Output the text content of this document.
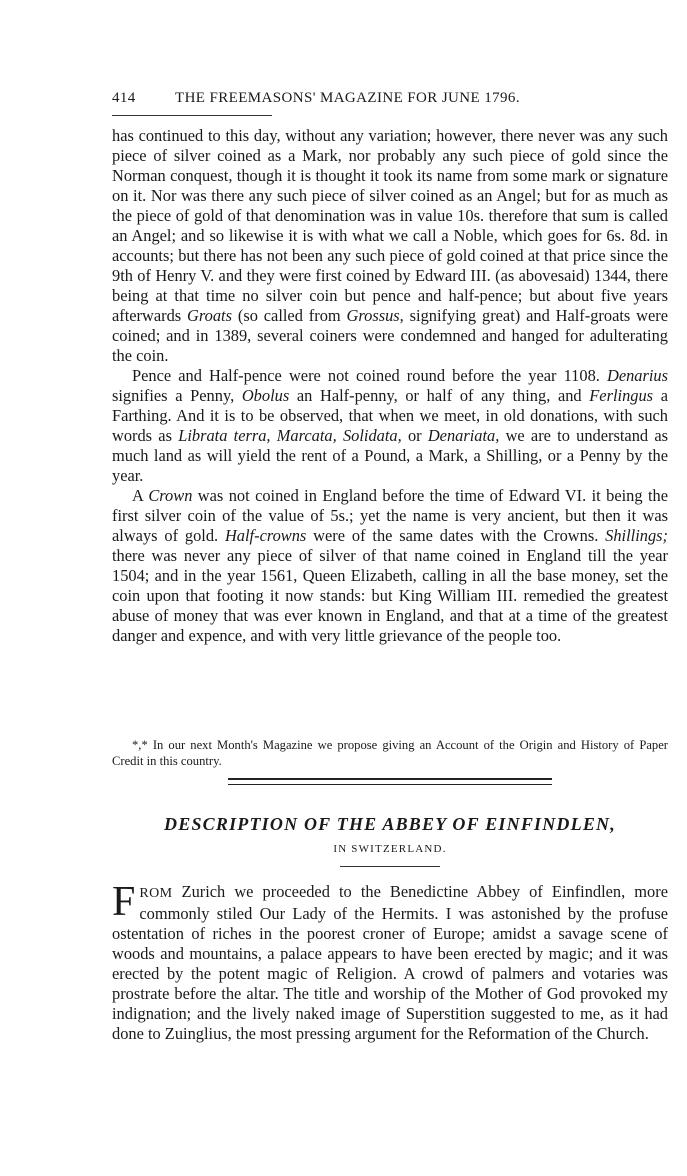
414	THE FREEMASONS' MAGAZINE FOR JUNE 1796.

has continued to this day, without any variation; however, there never was any such piece of silver coined as a Mark, nor probably any such piece of gold since the Norman conquest, though it is thought it took its name from some mark or signature on it. Nor was there any such piece of silver coined as an Angel; but for as much as the piece of gold of that denomination was in value 10s. therefore that sum is called an Angel; and so likewise it is with what we call a Noble, which goes for 6s. 8d. in accounts; but there has not been any such piece of gold coined at that price since the 9th of Henry V. and they were first coined by Edward III. (as abovesaid) 1344, there being at that time no silver coin but pence and half-pence; but about five years afterwards Groats (so called from Grossus, signifying great) and Half-groats were coined; and in 1389, several coiners were condemned and hanged for adulterating the coin.

Pence and Half-pence were not coined round before the year 1108. Denarius signifies a Penny, Obolus an Half-penny, or half of any thing, and Ferlingus a Farthing. And it is to be observed, that when we meet, in old donations, with such words as Librata terra, Marcata, Solidata, or Denariata, we are to understand as much land as will yield the rent of a Pound, a Mark, a Shilling, or a Penny by the year.

A Crown was not coined in England before the time of Edward VI. it being the first silver coin of the value of 5s.; yet the name is very ancient, but then it was always of gold. Half-crowns were of the same dates with the Crowns. Shillings; there was never any piece of silver of that name coined in England till the year 1504; and in the year 1561, Queen Elizabeth, calling in all the base money, set the coin upon that footing it now stands: but King William III. remedied the greatest abuse of money that was ever known in England, and that at a time of the greatest danger and expence, and with very little grievance of the people too.

*,* In our next Month's Magazine we propose giving an Account of the Origin and History of Paper Credit in this country.

DESCRIPTION OF THE ABBEY OF EINFINDLEN,
IN SWITZERLAND.

FROM Zurich we proceeded to the Benedictine Abbey of Einfindlen, more commonly stiled Our Lady of the Hermits. I was astonished by the profuse ostentation of riches in the poorest croner of Europe; amidst a savage scene of woods and mountains, a palace appears to have been erected by magic; and it was erected by the potent magic of Religion. A crowd of palmers and votaries was prostrate before the altar. The title and worship of the Mother of God provoked my indignation; and the lively naked image of Superstition suggested to me, as it had done to Zuinglius, the most pressing argument for the Reformation of the Church.
